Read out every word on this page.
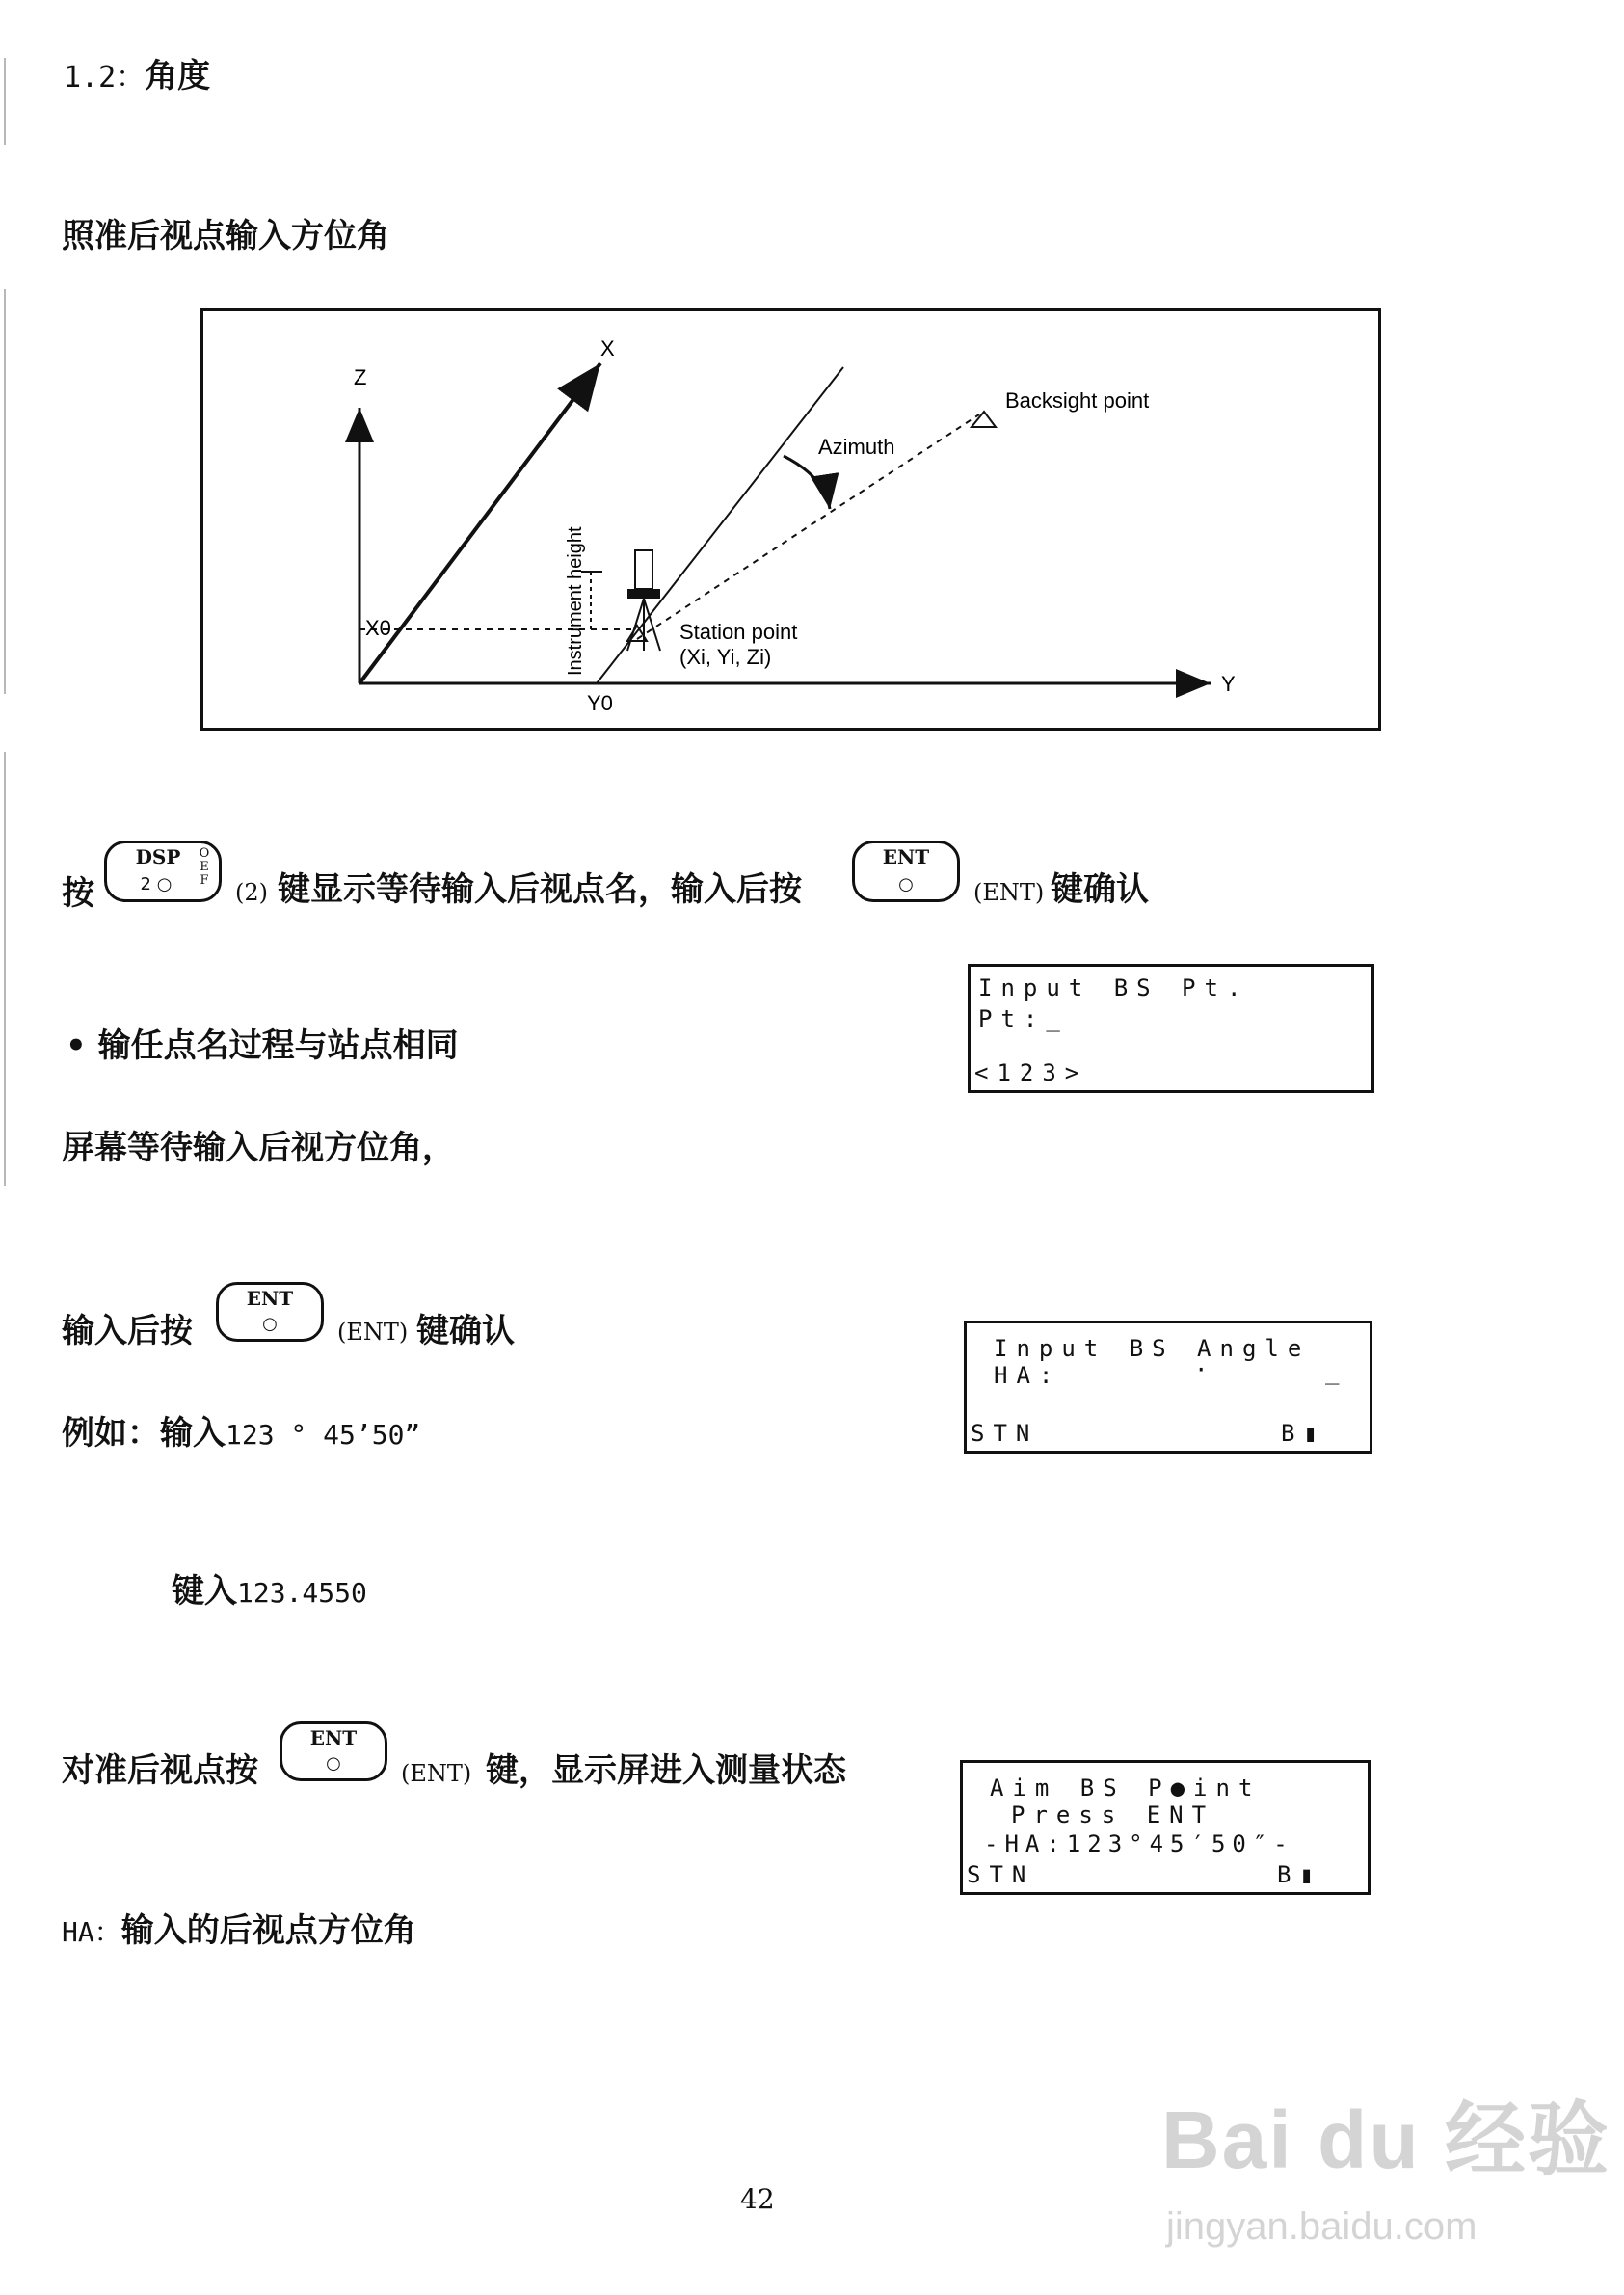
1.2：角度
照准后视点输入方位角
Z
X
Y
X0
Y0
Backsight point
Azimuth
Station point
(Xi, Yi, Zi)
Instrument height
按
DSP	OEF
2 ○	(2) 键显示等待输入后视点名，输入后按
ENT
○	(ENT) 键确认
Input BS Pt.
Pt:_
<123>
• 输任点名过程与站点相同
屏幕等待输入后视方位角，
输入后按
ENT
○	(ENT) 键确认	Input BS Angle
HA:	·	_
STN	B▮
例如：输入123 ° 45’50”
键入123.4550
对准后视点按
ENT
○	(ENT) 键，显示屏进入测量状态	Aim BS P●int
Press ENT
-HA:123°45′50″-
STN	B▮
HA：输入的后视点方位角
42
Bai du 经验
jingyan.baidu.com
